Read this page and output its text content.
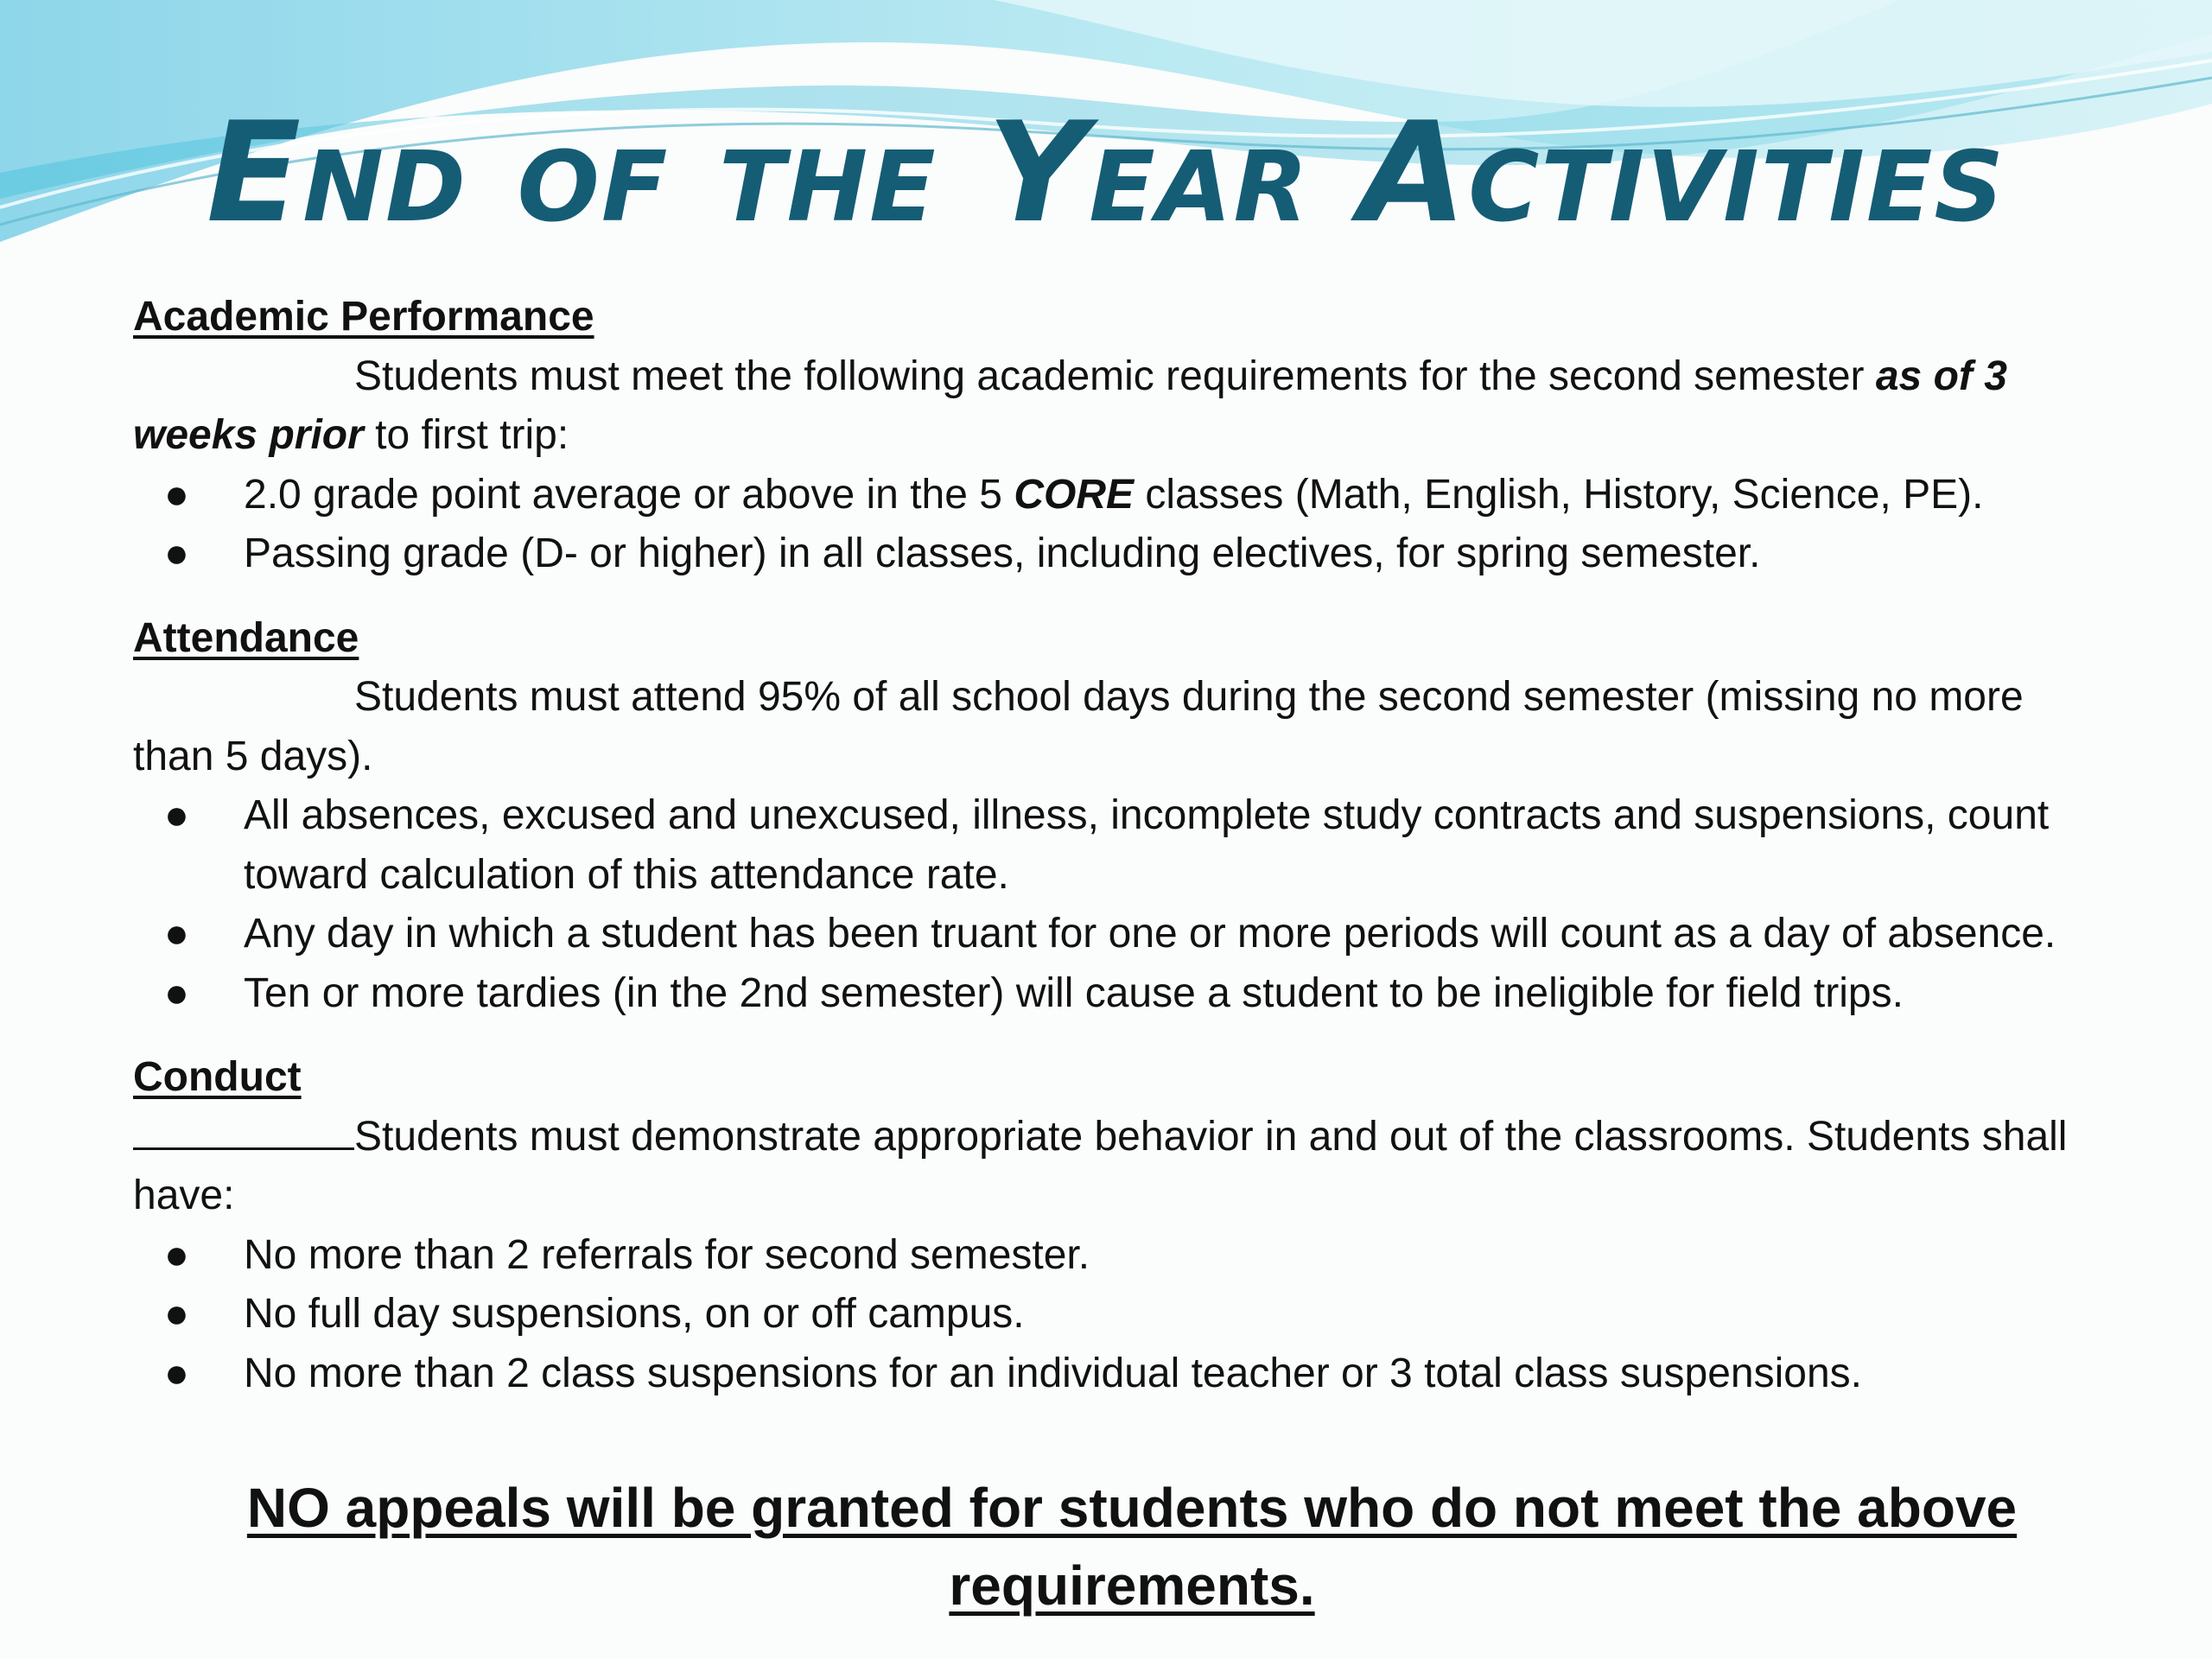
End of the Year Activities
Academic Performance
Students must meet the following academic requirements for the second semester as of 3
weeks prior to first trip:
● 2.0 grade point average or above in the 5 CORE classes (Math, English, History, Science, PE).
● Passing grade (D- or higher) in all classes, including electives, for spring semester.
Attendance
Students must attend 95% of all school days during the second semester (missing no more
than 5 days).
● All absences, excused and unexcused, illness, incomplete study contracts and suspensions, count
toward calculation of this attendance rate.
● Any day in which a student has been truant for one or more periods will count as a day of absence.
● Ten or more tardies (in the 2nd semester) will cause a student to be ineligible for field trips.
Conduct
Students must demonstrate appropriate behavior in and out of the classrooms. Students shall
have:
● No more than 2 referrals for second semester.
● No full day suspensions, on or off campus.
● No more than 2 class suspensions for an individual teacher or 3 total class suspensions.
NO appeals will be granted for students who do not meet the above
requirements.
